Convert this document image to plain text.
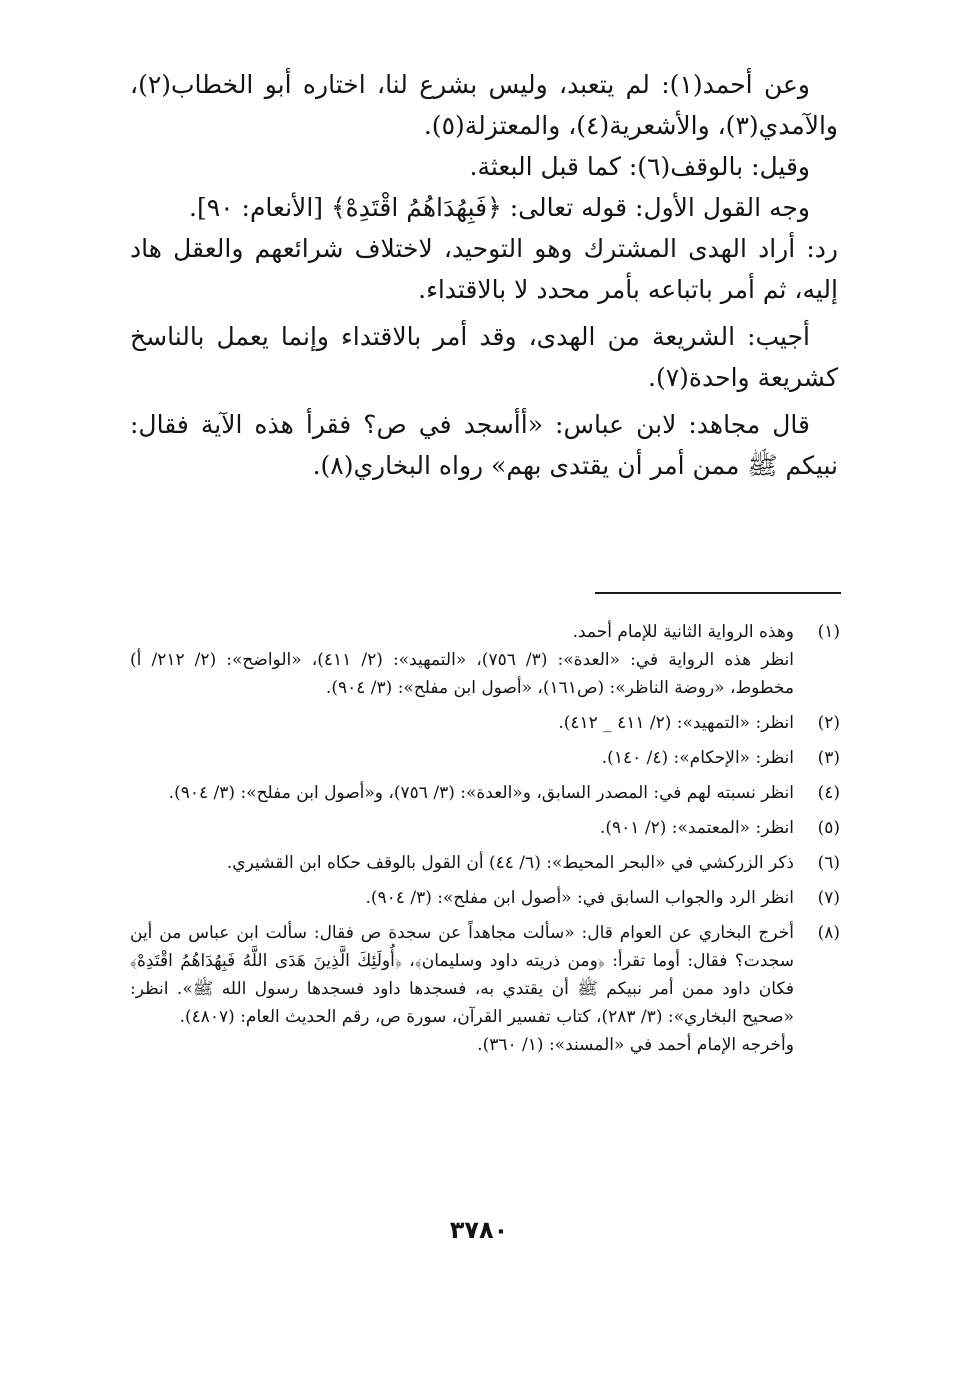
وعن أحمد(١): لم يتعبد، وليس بشرع لنا، اختاره أبو الخطاب(٢)، والآمدي(٣)، والأشعرية(٤)، والمعتزلة(٥).

وقيل: بالوقف(٦): كما قبل البعثة.

وجه القول الأول: قوله تعالى: ﴿فَبِهُدَاهُمُ اقْتَدِهْ﴾ [الأنعام: ٩٠].

رد: أراد الهدى المشترك وهو التوحيد، لاختلاف شرائعهم والعقل هاد إليه، ثم أمر باتباعه بأمر محدد لا بالاقتداء.

أجيب: الشريعة من الهدى، وقد أمر بالاقتداء وإنما يعمل بالناسخ كشريعة واحدة(٧).

قال مجاهد: لابن عباس: «أأسجد في ص؟ فقرأ هذه الآية فقال: نبيكم ﷺ ممن أمر أن يقتدى بهم» رواه البخاري(٨).

(١)
وهذه الرواية الثانية للإمام أحمد.
انظر هذه الرواية في: «العدة»: (٣/ ٧٥٦)، «التمهيد»: (٢/ ٤١١)، «الواضح»: (٢/ ٢١٢/ أ) مخطوط، «روضة الناظر»: (ص١٦١)، «أصول ابن مفلح»: (٣/ ٩٠٤).
(٢)
انظر: «التمهيد»: (٢/ ٤١١ _ ٤١٢).
(٣)
انظر: «الإحكام»: (٤/ ١٤٠).
(٤)
انظر نسبته لهم في: المصدر السابق، و«العدة»: (٣/ ٧٥٦)، و«أصول ابن مفلح»: (٣/ ٩٠٤).
(٥)
انظر: «المعتمد»: (٢/ ٩٠١).
(٦)
ذكر الزركشي في «البحر المحيط»: (٦/ ٤٤) أن القول بالوقف حكاه ابن القشيري.
(٧)
انظر الرد والجواب السابق في: «أصول ابن مفلح»: (٣/ ٩٠٤).
(٨)
أخرج البخاري عن العوام قال: «سألت مجاهداً عن سجدة ص فقال: سألت ابن عباس من أين سجدت؟ فقال: أوما تقرأ: ﴿ومن ذريته داود وسليمان﴾، ﴿أُولَئِكَ الَّذِينَ هَدَى اللَّهُ فَبِهُدَاهُمُ اقْتَدِهْ﴾ فكان داود ممن أمر نبيكم ﷺ أن يقتدي به، فسجدها داود فسجدها رسول الله ﷺ». انظر: «صحيح البخاري»: (٣/ ٢٨٣)، كتاب تفسير القرآن، سورة ص، رقم الحديث العام: (٤٨٠٧).
وأخرجه الإمام أحمد في «المسند»: (١/ ٣٦٠).
٣٧٨٠
